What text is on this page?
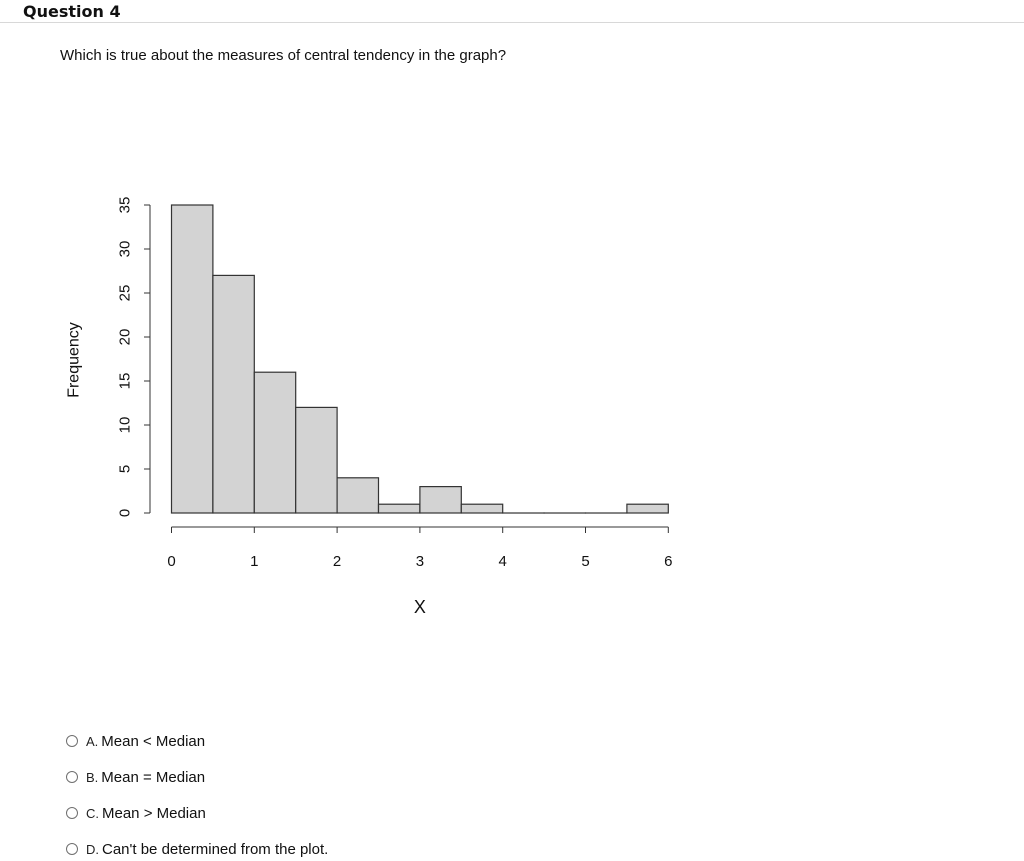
Question 4
Which is true about the measures of central tendency in the graph?
0
5
10
15
20
25
30
35
0	1	2	3	4	5	6
X
Frequency
A. Mean < Median
B. Mean = Median
C. Mean > Median
D. Can't be determined from the plot.
